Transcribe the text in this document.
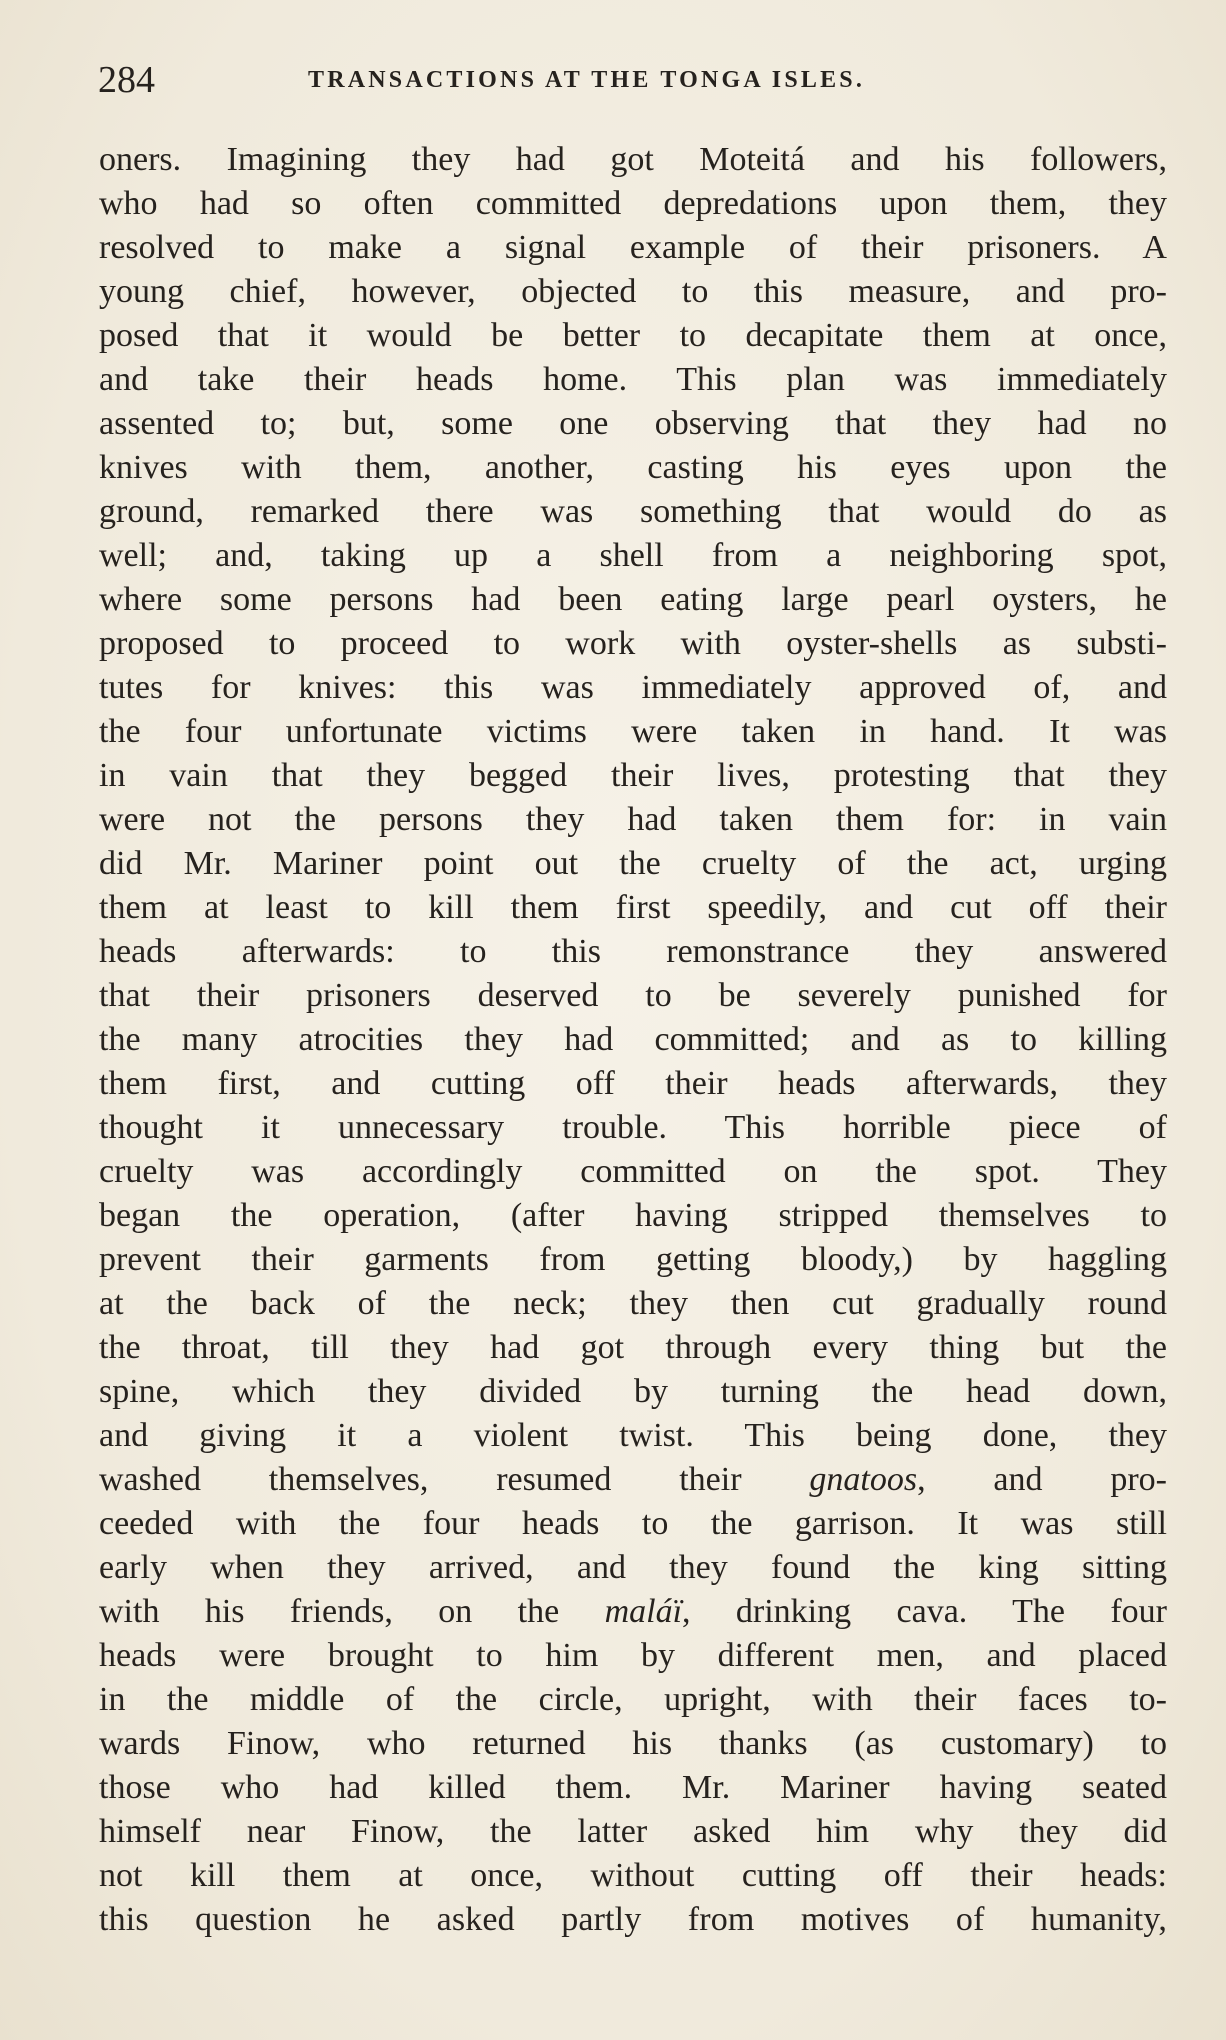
284	TRANSACTIONS AT THE TONGA ISLES.
oners. Imagining they had got Moteitá and his followers,
who had so often committed depredations upon them, they
resolved to make a signal example of their prisoners. A
young chief, however, objected to this measure, and pro-
posed that it would be better to decapitate them at once,
and take their heads home. This plan was immediately
assented to; but, some one observing that they had no
knives with them, another, casting his eyes upon the
ground, remarked there was something that would do as
well; and, taking up a shell from a neighboring spot,
where some persons had been eating large pearl oysters, he
proposed to proceed to work with oyster-shells as substi-
tutes for knives: this was immediately approved of, and
the four unfortunate victims were taken in hand. It was
in vain that they begged their lives, protesting that they
were not the persons they had taken them for: in vain
did Mr. Mariner point out the cruelty of the act, urging
them at least to kill them first speedily, and cut off their
heads afterwards: to this remonstrance they answered
that their prisoners deserved to be severely punished for
the many atrocities they had committed; and as to killing
them first, and cutting off their heads afterwards, they
thought it unnecessary trouble. This horrible piece of
cruelty was accordingly committed on the spot. They
began the operation, (after having stripped themselves to
prevent their garments from getting bloody,) by haggling
at the back of the neck; they then cut gradually round
the throat, till they had got through every thing but the
spine, which they divided by turning the head down,
and giving it a violent twist. This being done, they
washed themselves, resumed their gnatoos, and pro-
ceeded with the four heads to the garrison. It was still
early when they arrived, and they found the king sitting
with his friends, on the maláï, drinking cava. The four
heads were brought to him by different men, and placed
in the middle of the circle, upright, with their faces to-
wards Finow, who returned his thanks (as customary) to
those who had killed them. Mr. Mariner having seated
himself near Finow, the latter asked him why they did
not kill them at once, without cutting off their heads:
this question he asked partly from motives of humanity,
